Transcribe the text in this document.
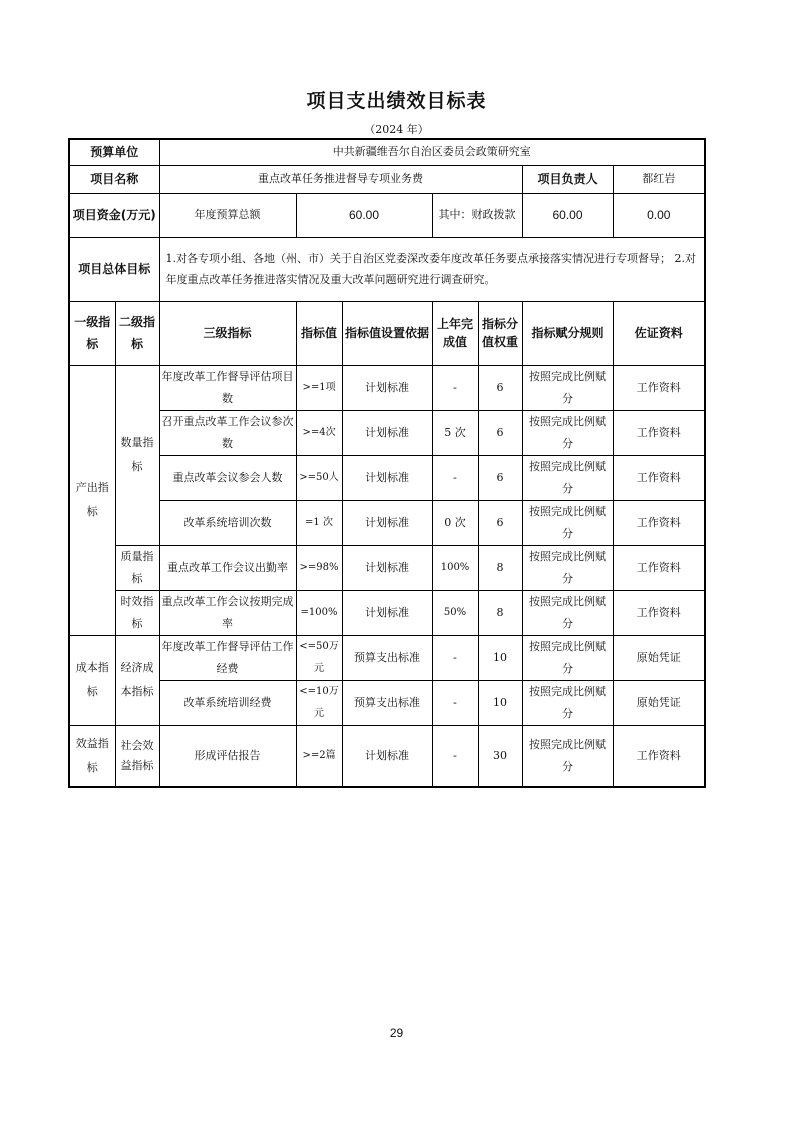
项目支出绩效目标表
（2024 年）
预算单位		中共新疆维吾尔自治区委员会政策研究室						
项目名称		重点改革任务推进督导专项业务费					项目负责人	都红岩
项目资金(万元)		年度预算总额	60.00		其中：财政拨款		60.00	0.00
项目总体目标		1.对各专项小组、各地（州、市）关于自治区党委深改委年度改革任务要点承接落实情况进行专项督导； 2.对年度重点改革任务推进落实情况及重大改革问题研究进行调查研究。						
一级指标	二级指标	三级指标	指标值	指标值设置依据	上年完成值	指标分值权重	指标赋分规则	佐证资料
产出指标	数量指标	年度改革工作督导评估项目数	>=1项	计划标准	-	6	按照完成比例赋分	工作资料
		召开重点改革工作会议参次数	>=4次	计划标准	5 次	6	按照完成比例赋分	工作资料
		重点改革会议参会人数	>=50人	计划标准	-	6	按照完成比例赋分	工作资料
		改革系统培训次数	=1 次	计划标准	0 次	6	按照完成比例赋分	工作资料
	质量指标	重点改革工作会议出勤率	>=98%	计划标准	100%	8	按照完成比例赋分	工作资料
	时效指标	重点改革工作会议按期完成率	=100%	计划标准	50%	8	按照完成比例赋分	工作资料
成本指标	经济成本指标	年度改革工作督导评估工作经费	<=50万元	预算支出标准	-	10	按照完成比例赋分	原始凭证
		改革系统培训经费	<=10万元	预算支出标准	-	10	按照完成比例赋分	原始凭证
效益指标	社会效益指标	形成评估报告	>=2篇	计划标准	-	30	按照完成比例赋分	工作资料
29
